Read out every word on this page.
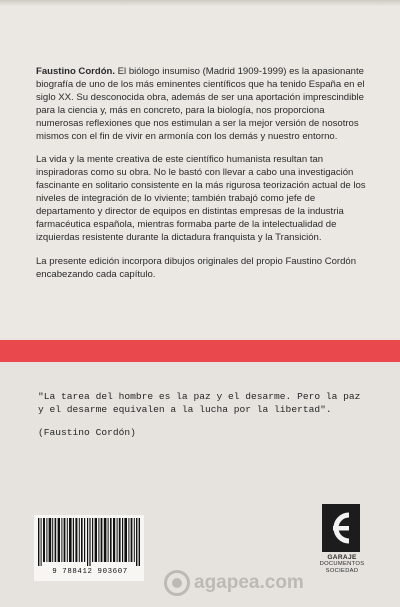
Faustino Cordón. El biólogo insumiso (Madrid 1909-1999) es la apasionante biografía de uno de los más eminentes científicos que ha tenido España en el siglo XX. Su desconocida obra, además de ser una aportación imprescindible para la ciencia y, más en concreto, para la biología, nos proporciona numerosas reflexiones que nos estimulan a ser la mejor versión de nosotros mismos con el fin de vivir en armonía con los demás y nuestro entorno.

La vida y la mente creativa de este científico humanista resultan tan inspiradoras como su obra. No le bastó con llevar a cabo una investigación fascinante en solitario consistente en la más rigurosa teorización actual de los niveles de integración de lo viviente; también trabajó como jefe de departamento y director de equipos en distintas empresas de la industria farmacéutica española, mientras formaba parte de la intelectualidad de izquierdas resistente durante la dictadura franquista y la Transición.

La presente edición incorpora dibujos originales del propio Faustino Cordón encabezando cada capítulo.

"La tarea del hombre es la paz y el desarme. Pero la paz y el desarme equivalen a la lucha por la libertad".

(Faustino Cordón)

9 788412 903607
GARAJE
DOCUMENTOS
SOCIEDAD
agapea.com
